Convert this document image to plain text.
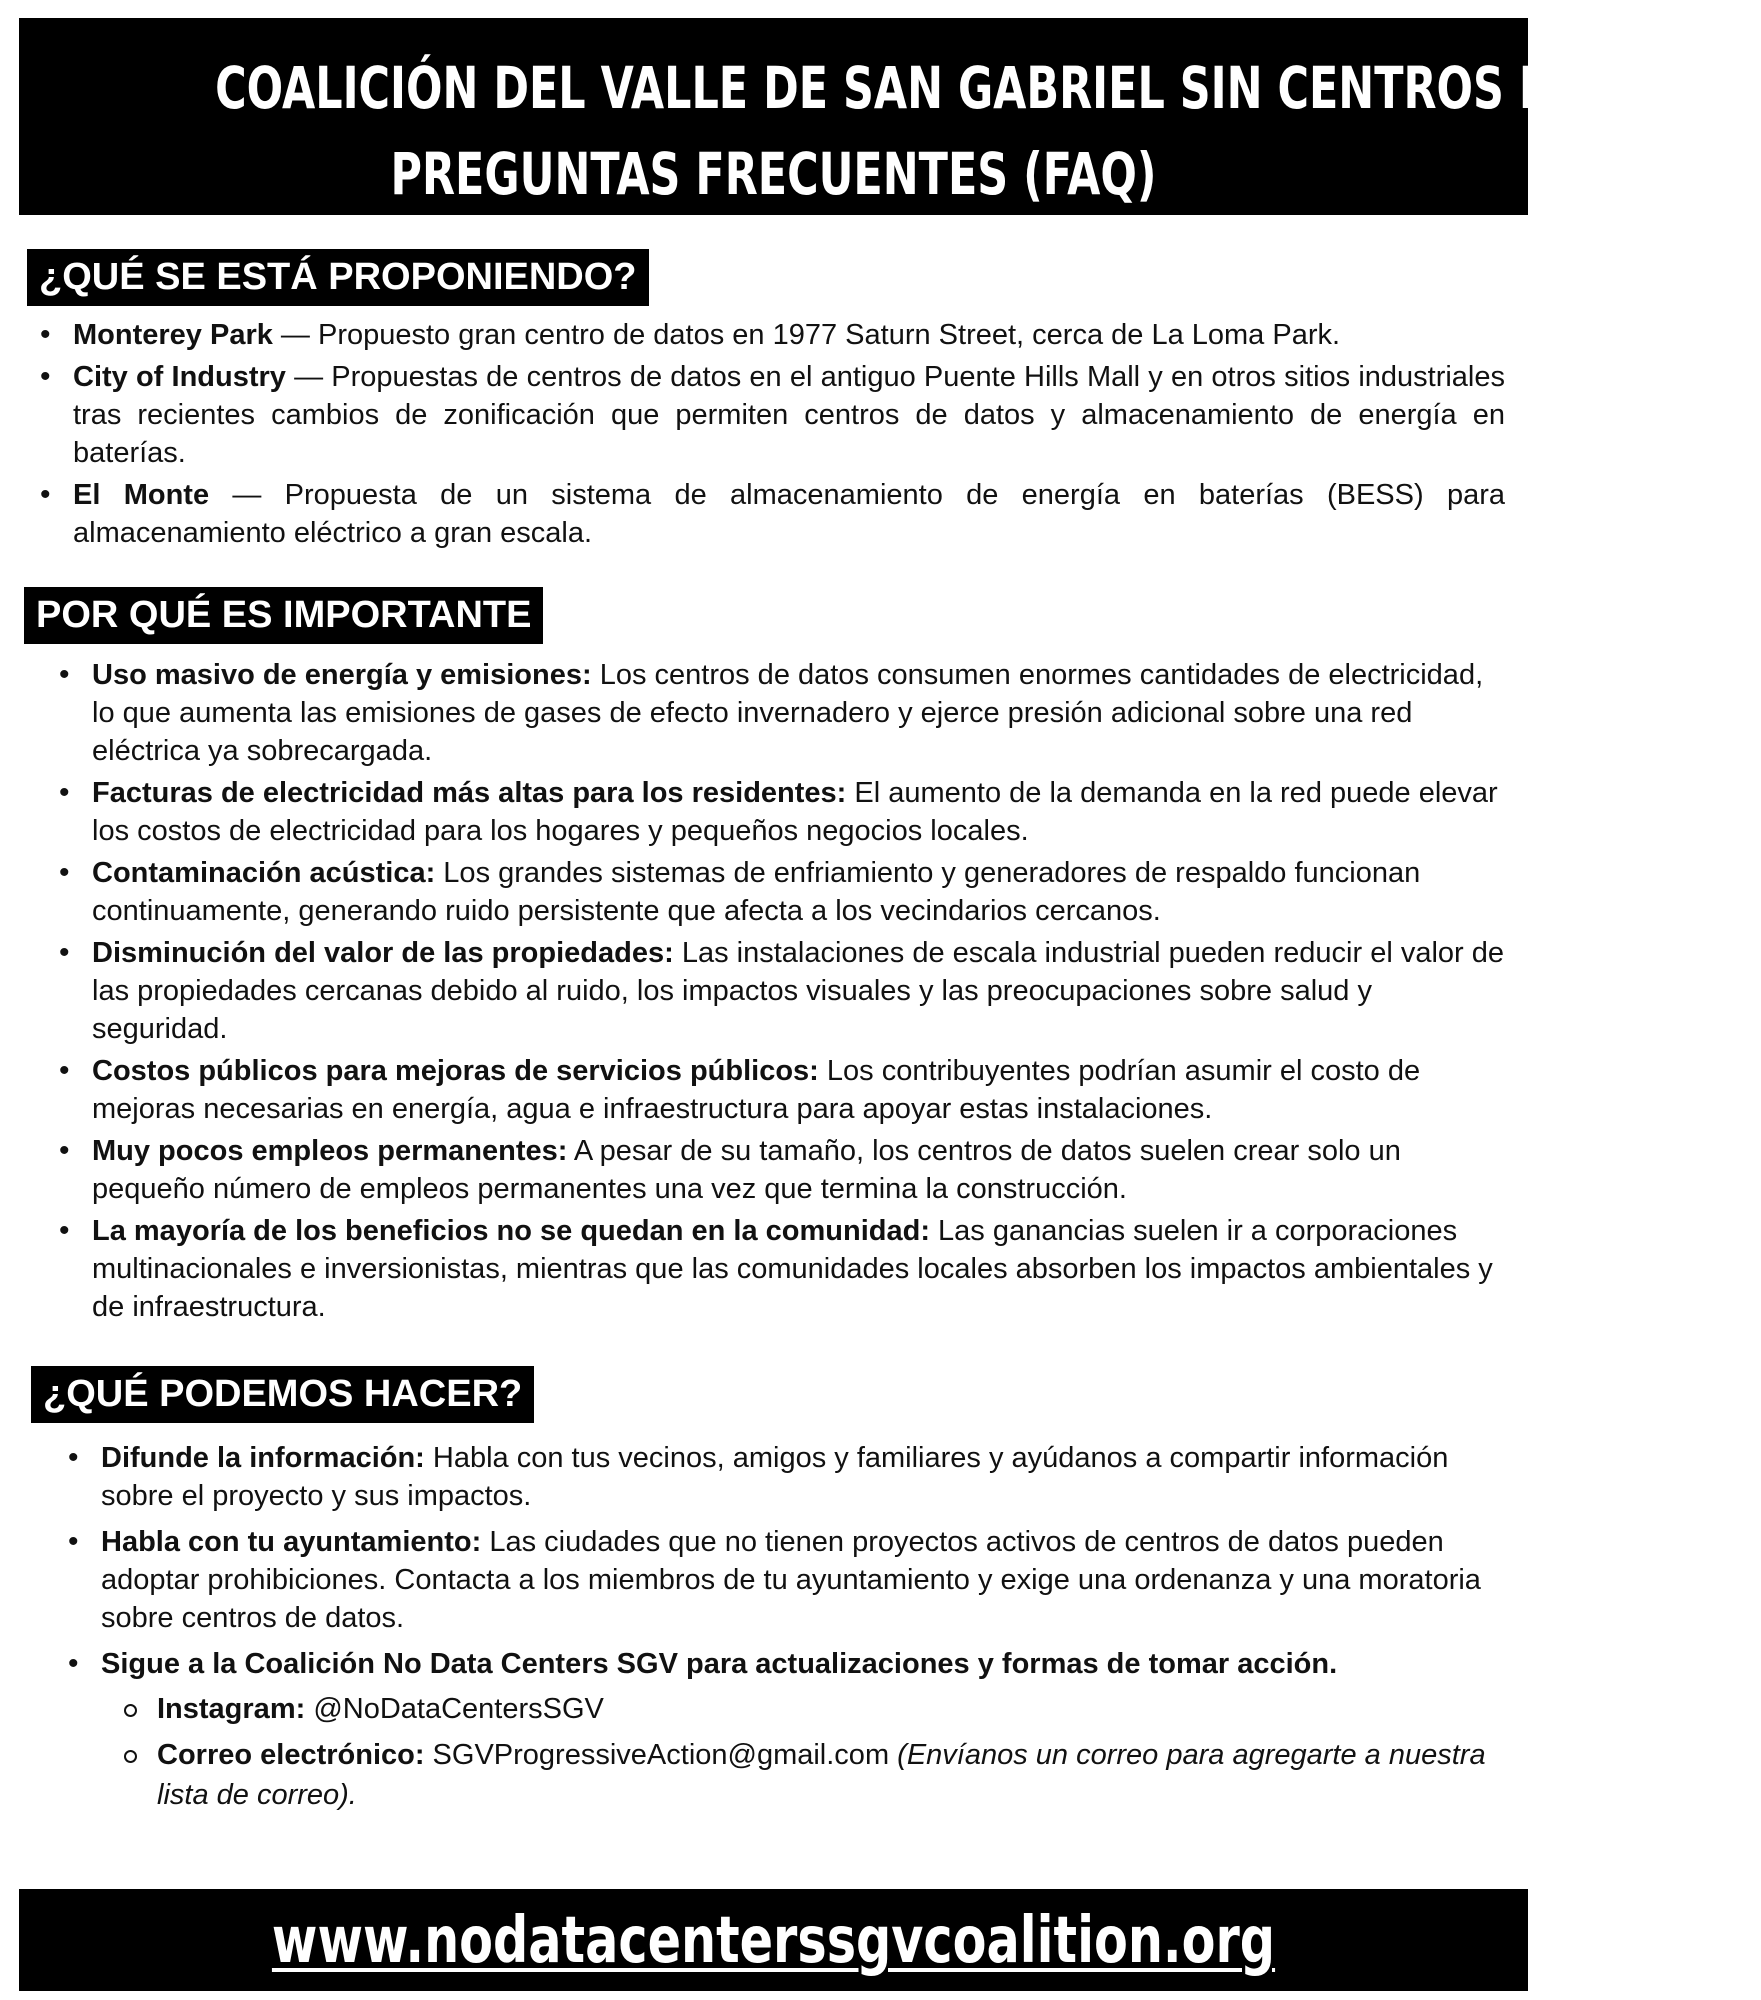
COALICIÓN DEL VALLE DE SAN GABRIEL SIN CENTROS DE DATOS
PREGUNTAS FRECUENTES (FAQ)
¿QUÉ SE ESTÁ PROPONIENDO?
• Monterey Park — Propuesto gran centro de datos en 1977 Saturn Street, cerca de La Loma Park.
• City of Industry — Propuestas de centros de datos en el antiguo Puente Hills Mall y en otros sitios industriales tras recientes cambios de zonificación que permiten centros de datos y almacenamiento de energía en baterías.
• El Monte — Propuesta de un sistema de almacenamiento de energía en baterías (BESS) para almacenamiento eléctrico a gran escala.
POR QUÉ ES IMPORTANTE
• Uso masivo de energía y emisiones: Los centros de datos consumen enormes cantidades de electricidad, lo que aumenta las emisiones de gases de efecto invernadero y ejerce presión adicional sobre una red eléctrica ya sobrecargada.
• Facturas de electricidad más altas para los residentes: El aumento de la demanda en la red puede elevar los costos de electricidad para los hogares y pequeños negocios locales.
• Contaminación acústica: Los grandes sistemas de enfriamiento y generadores de respaldo funcionan continuamente, generando ruido persistente que afecta a los vecindarios cercanos.
• Disminución del valor de las propiedades: Las instalaciones de escala industrial pueden reducir el valor de las propiedades cercanas debido al ruido, los impactos visuales y las preocupaciones sobre salud y seguridad.
• Costos públicos para mejoras de servicios públicos: Los contribuyentes podrían asumir el costo de mejoras necesarias en energía, agua e infraestructura para apoyar estas instalaciones.
• Muy pocos empleos permanentes: A pesar de su tamaño, los centros de datos suelen crear solo un pequeño número de empleos permanentes una vez que termina la construcción.
• La mayoría de los beneficios no se quedan en la comunidad: Las ganancias suelen ir a corporaciones multinacionales e inversionistas, mientras que las comunidades locales absorben los impactos ambientales y de infraestructura.
¿QUÉ PODEMOS HACER?
• Difunde la información: Habla con tus vecinos, amigos y familiares y ayúdanos a compartir información sobre el proyecto y sus impactos.
• Habla con tu ayuntamiento: Las ciudades que no tienen proyectos activos de centros de datos pueden adoptar prohibiciones. Contacta a los miembros de tu ayuntamiento y exige una ordenanza y una moratoria sobre centros de datos.
• Sigue a la Coalición No Data Centers SGV para actualizaciones y formas de tomar acción.
Instagram: @NoDataCentersSGV
Correo electrónico: SGVProgressiveAction@gmail.com (Envíanos un correo para agregarte a nuestra lista de correo).
www.nodatacenterssgvcoalition.org
